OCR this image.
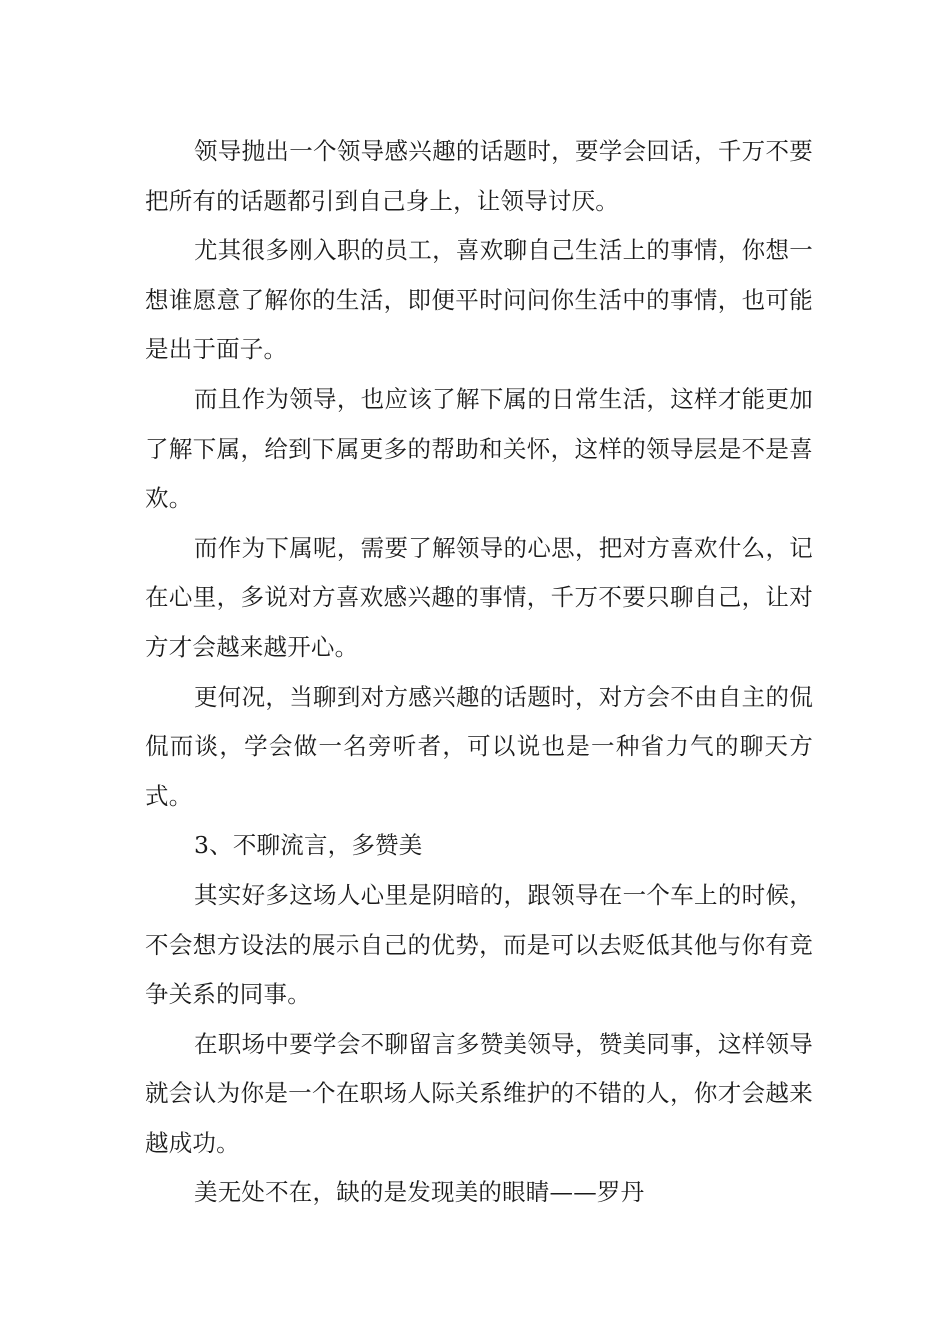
领导抛出一个领导感兴趣的话题时，要学会回话，千万不要把所有的话题都引到自己身上，让领导讨厌。

尤其很多刚入职的员工，喜欢聊自己生活上的事情，你想一想谁愿意了解你的生活，即便平时问问你生活中的事情，也可能是出于面子。

而且作为领导，也应该了解下属的日常生活，这样才能更加了解下属，给到下属更多的帮助和关怀，这样的领导层是不是喜欢。

而作为下属呢，需要了解领导的心思，把对方喜欢什么，记在心里，多说对方喜欢感兴趣的事情，千万不要只聊自己，让对方才会越来越开心。

更何况，当聊到对方感兴趣的话题时，对方会不由自主的侃侃而谈，学会做一名旁听者，可以说也是一种省力气的聊天方式。

3、不聊流言，多赞美

其实好多这场人心里是阴暗的，跟领导在一个车上的时候，不会想方设法的展示自己的优势，而是可以去贬低其他与你有竞争关系的同事。

在职场中要学会不聊留言多赞美领导，赞美同事，这样领导就会认为你是一个在职场人际关系维护的不错的人，你才会越来越成功。

美无处不在，缺的是发现美的眼睛——罗丹
